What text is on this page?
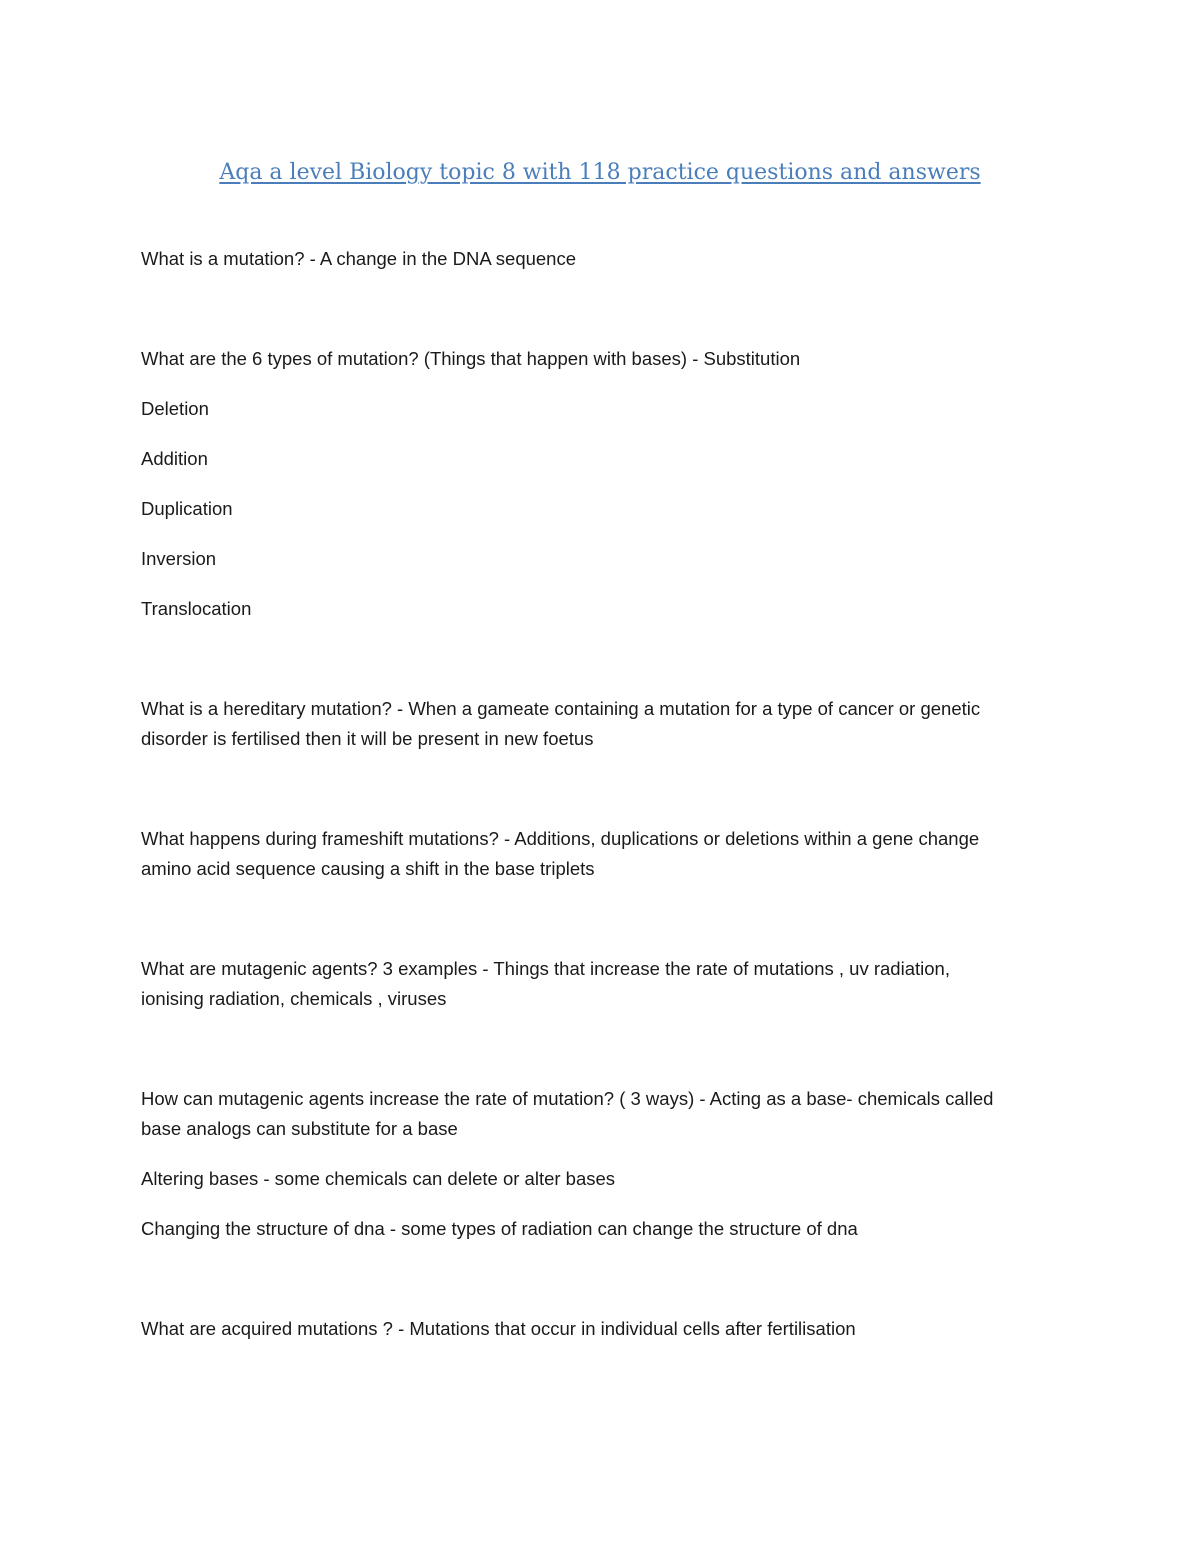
Aqa a level Biology topic 8 with 118 practice questions and answers
What is a mutation? - A change in the DNA sequence
What are the 6 types of mutation? (Things that happen with bases) - Substitution
Deletion
Addition
Duplication
Inversion
Translocation
What is a hereditary mutation? - When a gameate containing a mutation for a type of cancer or genetic
disorder is fertilised then it will be present in new foetus
What happens during frameshift mutations? - Additions, duplications or deletions within a gene change
amino acid sequence causing a shift in the base triplets
What are mutagenic agents? 3 examples - Things that increase the rate of mutations , uv radiation,
ionising radiation, chemicals , viruses
How can mutagenic agents increase the rate of mutation? ( 3 ways) - Acting as a base- chemicals called
base analogs can substitute for a base
Altering bases - some chemicals can delete or alter bases
Changing the structure of dna - some types of radiation can change the structure of dna
What are acquired mutations ? - Mutations that occur in individual cells after fertilisation
